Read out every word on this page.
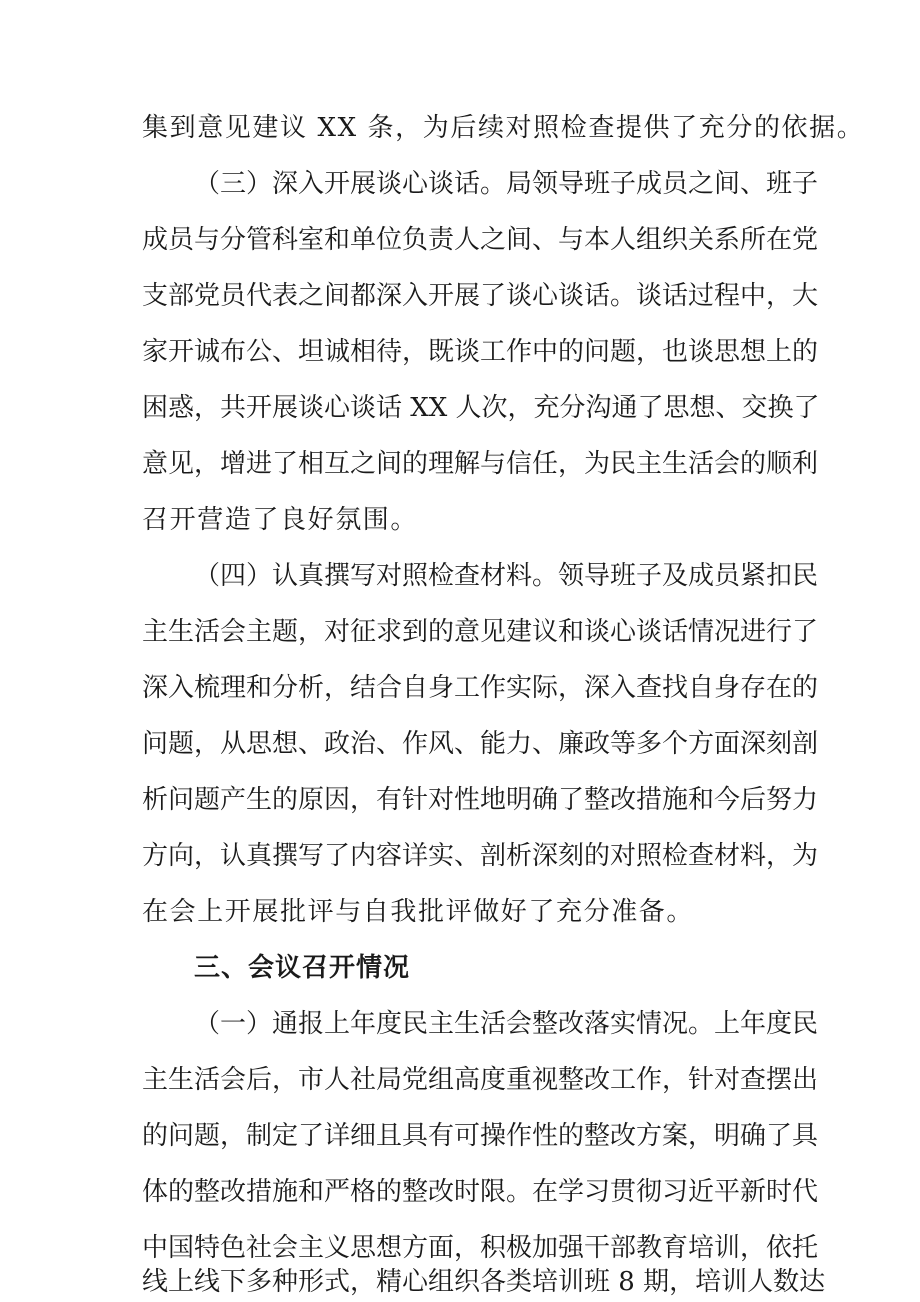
集到意见建议 XX 条，为后续对照检查提供了充分的依据。
（三）深入开展谈心谈话。局领导班子成员之间、班子
成员与分管科室和单位负责人之间、与本人组织关系所在党
支部党员代表之间都深入开展了谈心谈话。谈话过程中，大
家开诚布公、坦诚相待，既谈工作中的问题，也谈思想上的
困惑，共开展谈心谈话 XX 人次，充分沟通了思想、交换了
意见，增进了相互之间的理解与信任，为民主生活会的顺利
召开营造了良好氛围。
（四）认真撰写对照检查材料。领导班子及成员紧扣民
主生活会主题，对征求到的意见建议和谈心谈话情况进行了
深入梳理和分析，结合自身工作实际，深入查找自身存在的
问题，从思想、政治、作风、能力、廉政等多个方面深刻剖
析问题产生的原因，有针对性地明确了整改措施和今后努力
方向，认真撰写了内容详实、剖析深刻的对照检查材料，为
在会上开展批评与自我批评做好了充分准备。
三、会议召开情况
（一）通报上年度民主生活会整改落实情况。上年度民
主生活会后，市人社局党组高度重视整改工作，针对查摆出
的问题，制定了详细且具有可操作性的整改方案，明确了具
体的整改措施和严格的整改时限。在学习贯彻习近平新时代
中国特色社会主义思想方面，积极加强干部教育培训，依托
线上线下多种形式，精心组织各类培训班 8 期，培训人数达
